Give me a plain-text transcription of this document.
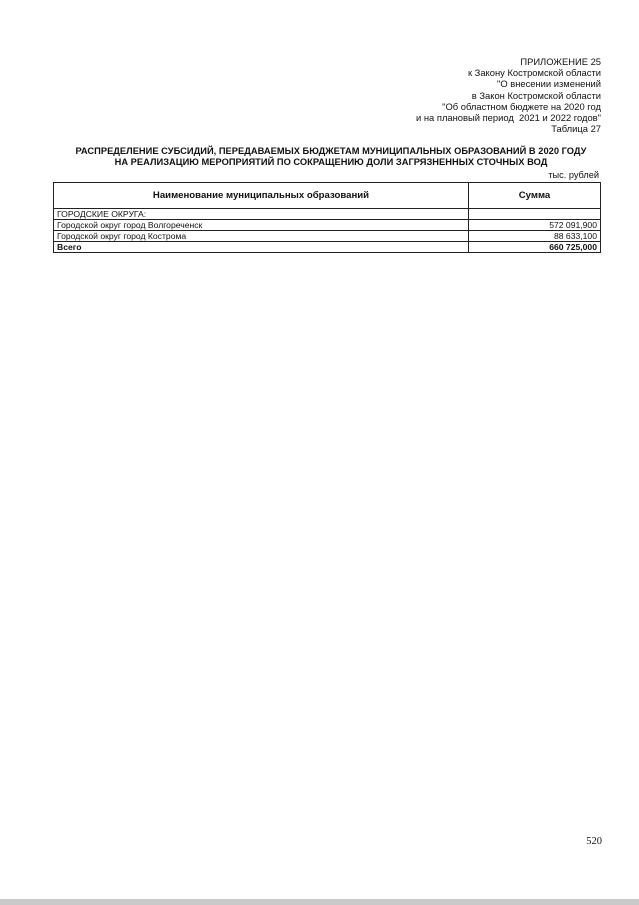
ПРИЛОЖЕНИЕ 25
к Закону Костромской области
"О внесении изменений
в Закон Костромской области
"Об областном бюджете на 2020 год
и на плановый период  2021 и 2022 годов"
Таблица 27
РАСПРЕДЕЛЕНИЕ СУБСИДИЙ, ПЕРЕДАВАЕМЫХ БЮДЖЕТАМ МУНИЦИПАЛЬНЫХ ОБРАЗОВАНИЙ В 2020 ГОДУ
НА РЕАЛИЗАЦИЮ МЕРОПРИЯТИЙ ПО СОКРАЩЕНИЮ ДОЛИ ЗАГРЯЗНЕННЫХ СТОЧНЫХ ВОД
тыс. рублей
Наименование муниципальных образований	Сумма
ГОРОДСКИЕ ОКРУГА:	
Городской округ город Волгореченск	572 091,900
Городской округ город Кострома	88 633,100
Всего	660 725,000
520
